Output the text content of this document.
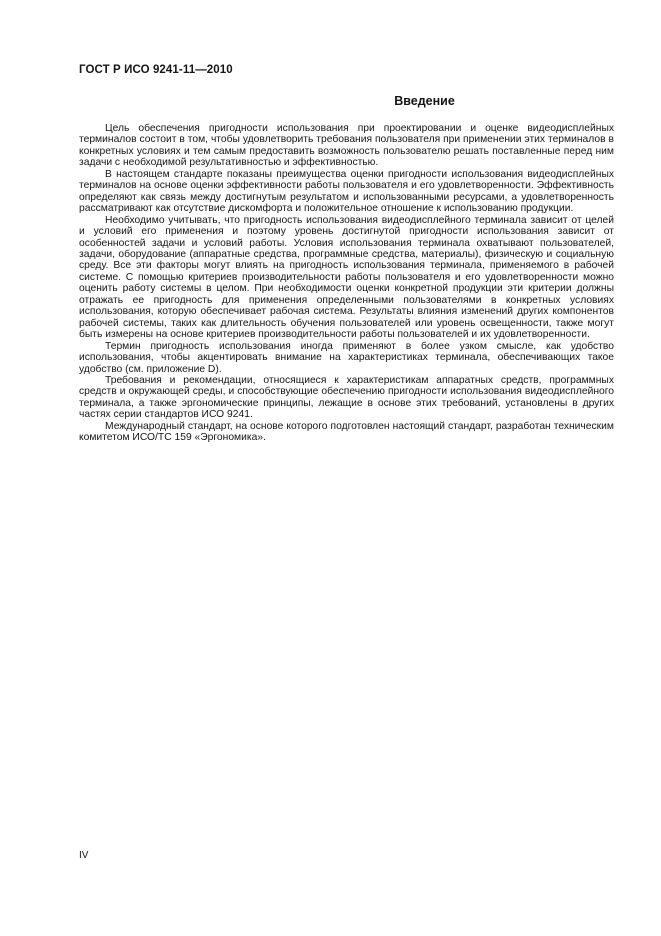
ГОСТ Р ИСО 9241-11—2010
Введение

Цель обеспечения пригодности использования при проектировании и оценке видеодисплейных терминалов состоит в том, чтобы удовлетворить требования пользователя при применении этих терминалов в конкретных условиях и тем самым предоставить возможность пользователю решать поставленные перед ним задачи с необходимой результативностью и эффективностью.

В настоящем стандарте показаны преимущества оценки пригодности использования видеодисплейных терминалов на основе оценки эффективности работы пользователя и его удовлетворенности. Эффективность определяют как связь между достигнутым результатом и использованными ресурсами, а удовлетворенность рассматривают как отсутствие дискомфорта и положительное отношение к использованию продукции.

Необходимо учитывать, что пригодность использования видеодисплейного терминала зависит от целей и условий его применения и поэтому уровень достигнутой пригодности использования зависит от особенностей задачи и условий работы. Условия использования терминала охватывают пользователей, задачи, оборудование (аппаратные средства, программные средства, материалы), физическую и социальную среду. Все эти факторы могут влиять на пригодность использования терминала, применяемого в рабочей системе. С помощью критериев производительности работы пользователя и его удовлетворенности можно оценить работу системы в целом. При необходимости оценки конкретной продукции эти критерии должны отражать ее пригодность для применения определенными пользователями в конкретных условиях использования, которую обеспечивает рабочая система. Результаты влияния изменений других компонентов рабочей системы, таких как длительность обучения пользователей или уровень освещенности, также могут быть измерены на основе критериев производительности работы пользователей и их удовлетворенности.

Термин пригодность использования иногда применяют в более узком смысле, как удобство использования, чтобы акцентировать внимание на характеристиках терминала, обеспечивающих такое удобство (см. приложение D).

Требования и рекомендации, относящиеся к характеристикам аппаратных средств, программных средств и окружающей среды, и способствующие обеспечению пригодности использования видеодисплейного терминала, а также эргономические принципы, лежащие в основе этих требований, установлены в других частях серии стандартов ИСО 9241.

Международный стандарт, на основе которого подготовлен настоящий стандарт, разработан техническим комитетом ИСО/ТС 159 «Эргономика».

IV
